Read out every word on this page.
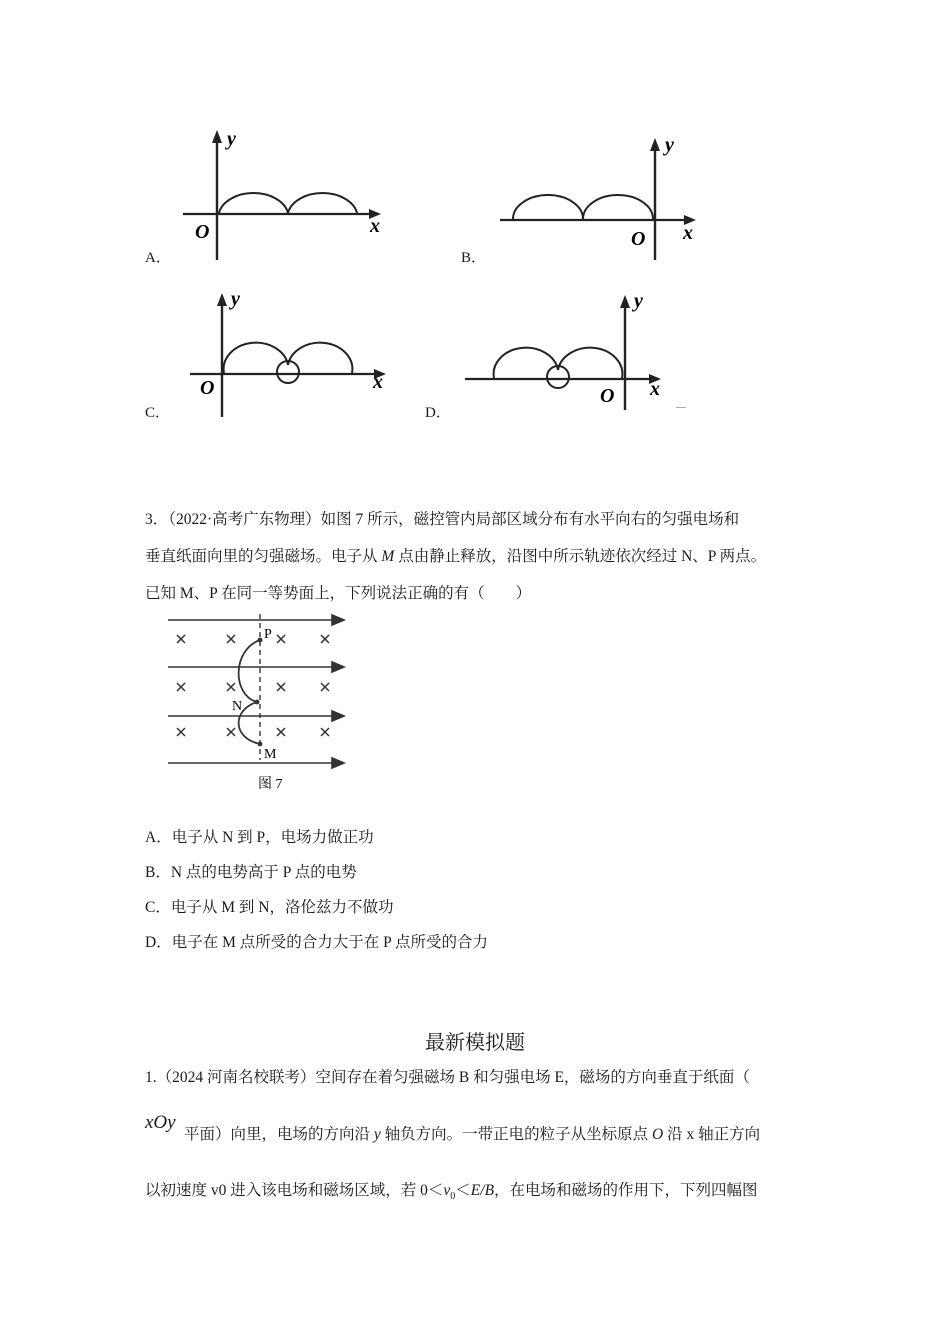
A．
y
x
O
B．
y
x
O
C．
y
x
O
D．
y
x
O
3．（2022·高考广东物理）如图 7 所示，磁控管内局部区域分布有水平向右的匀强电场和
垂直纸面向里的匀强磁场。电子从 M 点由静止释放，沿图中所示轨迹依次经过 N、P 两点。
已知 M、P 在同一等势面上，下列说法正确的有（　　）
P
N
M
图 7
A．电子从 N 到 P，电场力做正功
B．N 点的电势高于 P 点的电势
C．电子从 M 到 N，洛伦兹力不做功
D．电子在 M 点所受的合力大于在 P 点所受的合力
最新模拟题
1.（2024 河南名校联考）空间存在着匀强磁场 B 和匀强电场 E，磁场的方向垂直于纸面（
xOy
平面）向里，电场的方向沿 y 轴负方向。一带正电的粒子从坐标原点 O 沿 x 轴正方向
以初速度 v0 进入该电场和磁场区域，若 $0<v_0<E/B$，在电场和磁场的作用下，下列四幅图
